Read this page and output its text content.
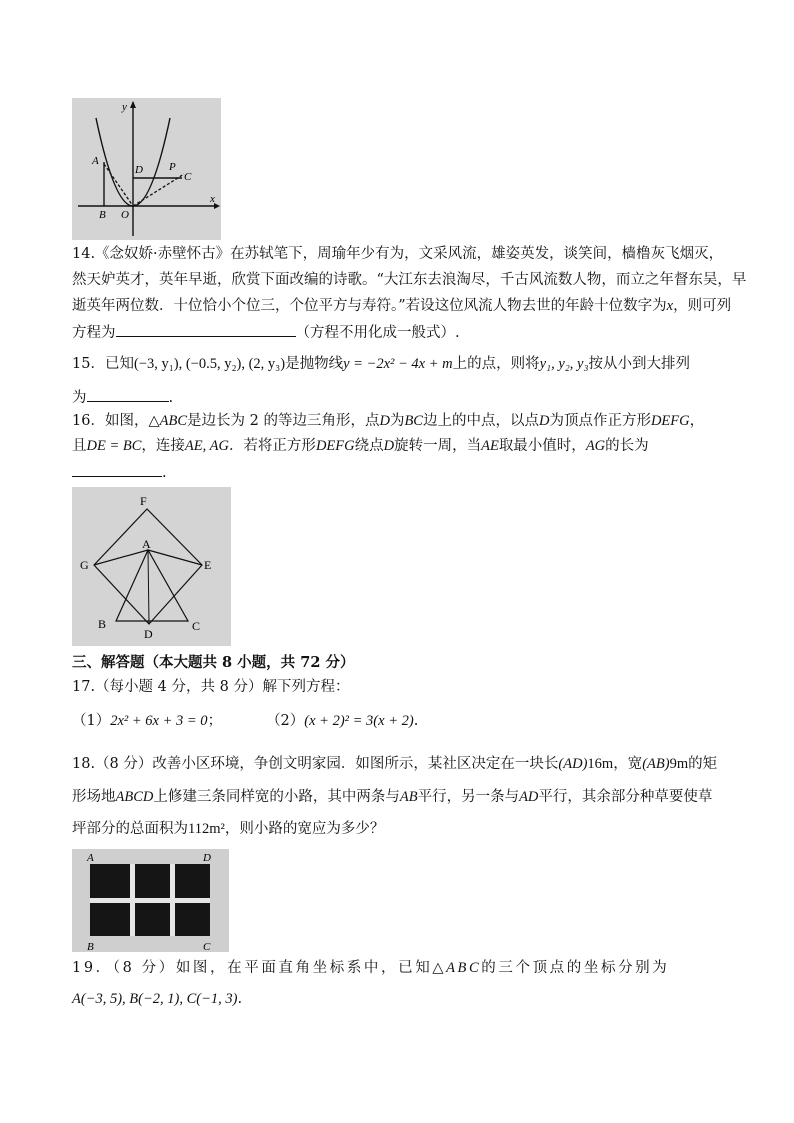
y
x
A
D P
C
B O
14.《念奴娇·赤壁怀古》在苏轼笔下，周瑜年少有为，文采风流，雄姿英发，谈笑间，樯橹灰飞烟灭，
然天妒英才，英年早逝，欣赏下面改编的诗歌。“大江东去浪淘尽，千古风流数人物，而立之年督东吴，早
逝英年两位数．十位恰小个位三，个位平方与寿符。”若设这位风流人物去世的年龄十位数字为x，则可列
方程为	（方程不用化成一般式）.
15．已知(−3, y₁), (−0.5, y₂), (2, y₃)是抛物线y = −2x² − 4x + m上的点，则将y₁, y₂, y₃按从小到大排列
为	.
16．如图，△ABC是边长为 2 的等边三角形，点D为BC边上的中点，以点D为顶点作正方形DEFG，
且DE = BC，连接AE, AG．若将正方形DEFG绕点D旋转一周，当AE取最小值时，AG的长为
.
F
A
G	E
B
D
C
三、解答题（本大题共 8 小题，共 72 分）
17.（每小题 4 分，共 8 分）解下列方程：
（1）2x² + 6x + 3 = 0；	（2）(x + 2)² = 3(x + 2).
18.（8 分）改善小区环境，争创文明家园．如图所示，某社区决定在一块长(AD)16m，宽(AB)9m的矩
形场地ABCD上修建三条同样宽的小路，其中两条与AB平行，另一条与AD平行，其余部分种草要使草
坪部分的总面积为112m²，则小路的宽应为多少？
A	D
B	C
19．（8 分）如图，在平面直角坐标系中，已知△ABC的三个顶点的坐标分别为
A(−3, 5), B(−2, 1), C(−1, 3).
